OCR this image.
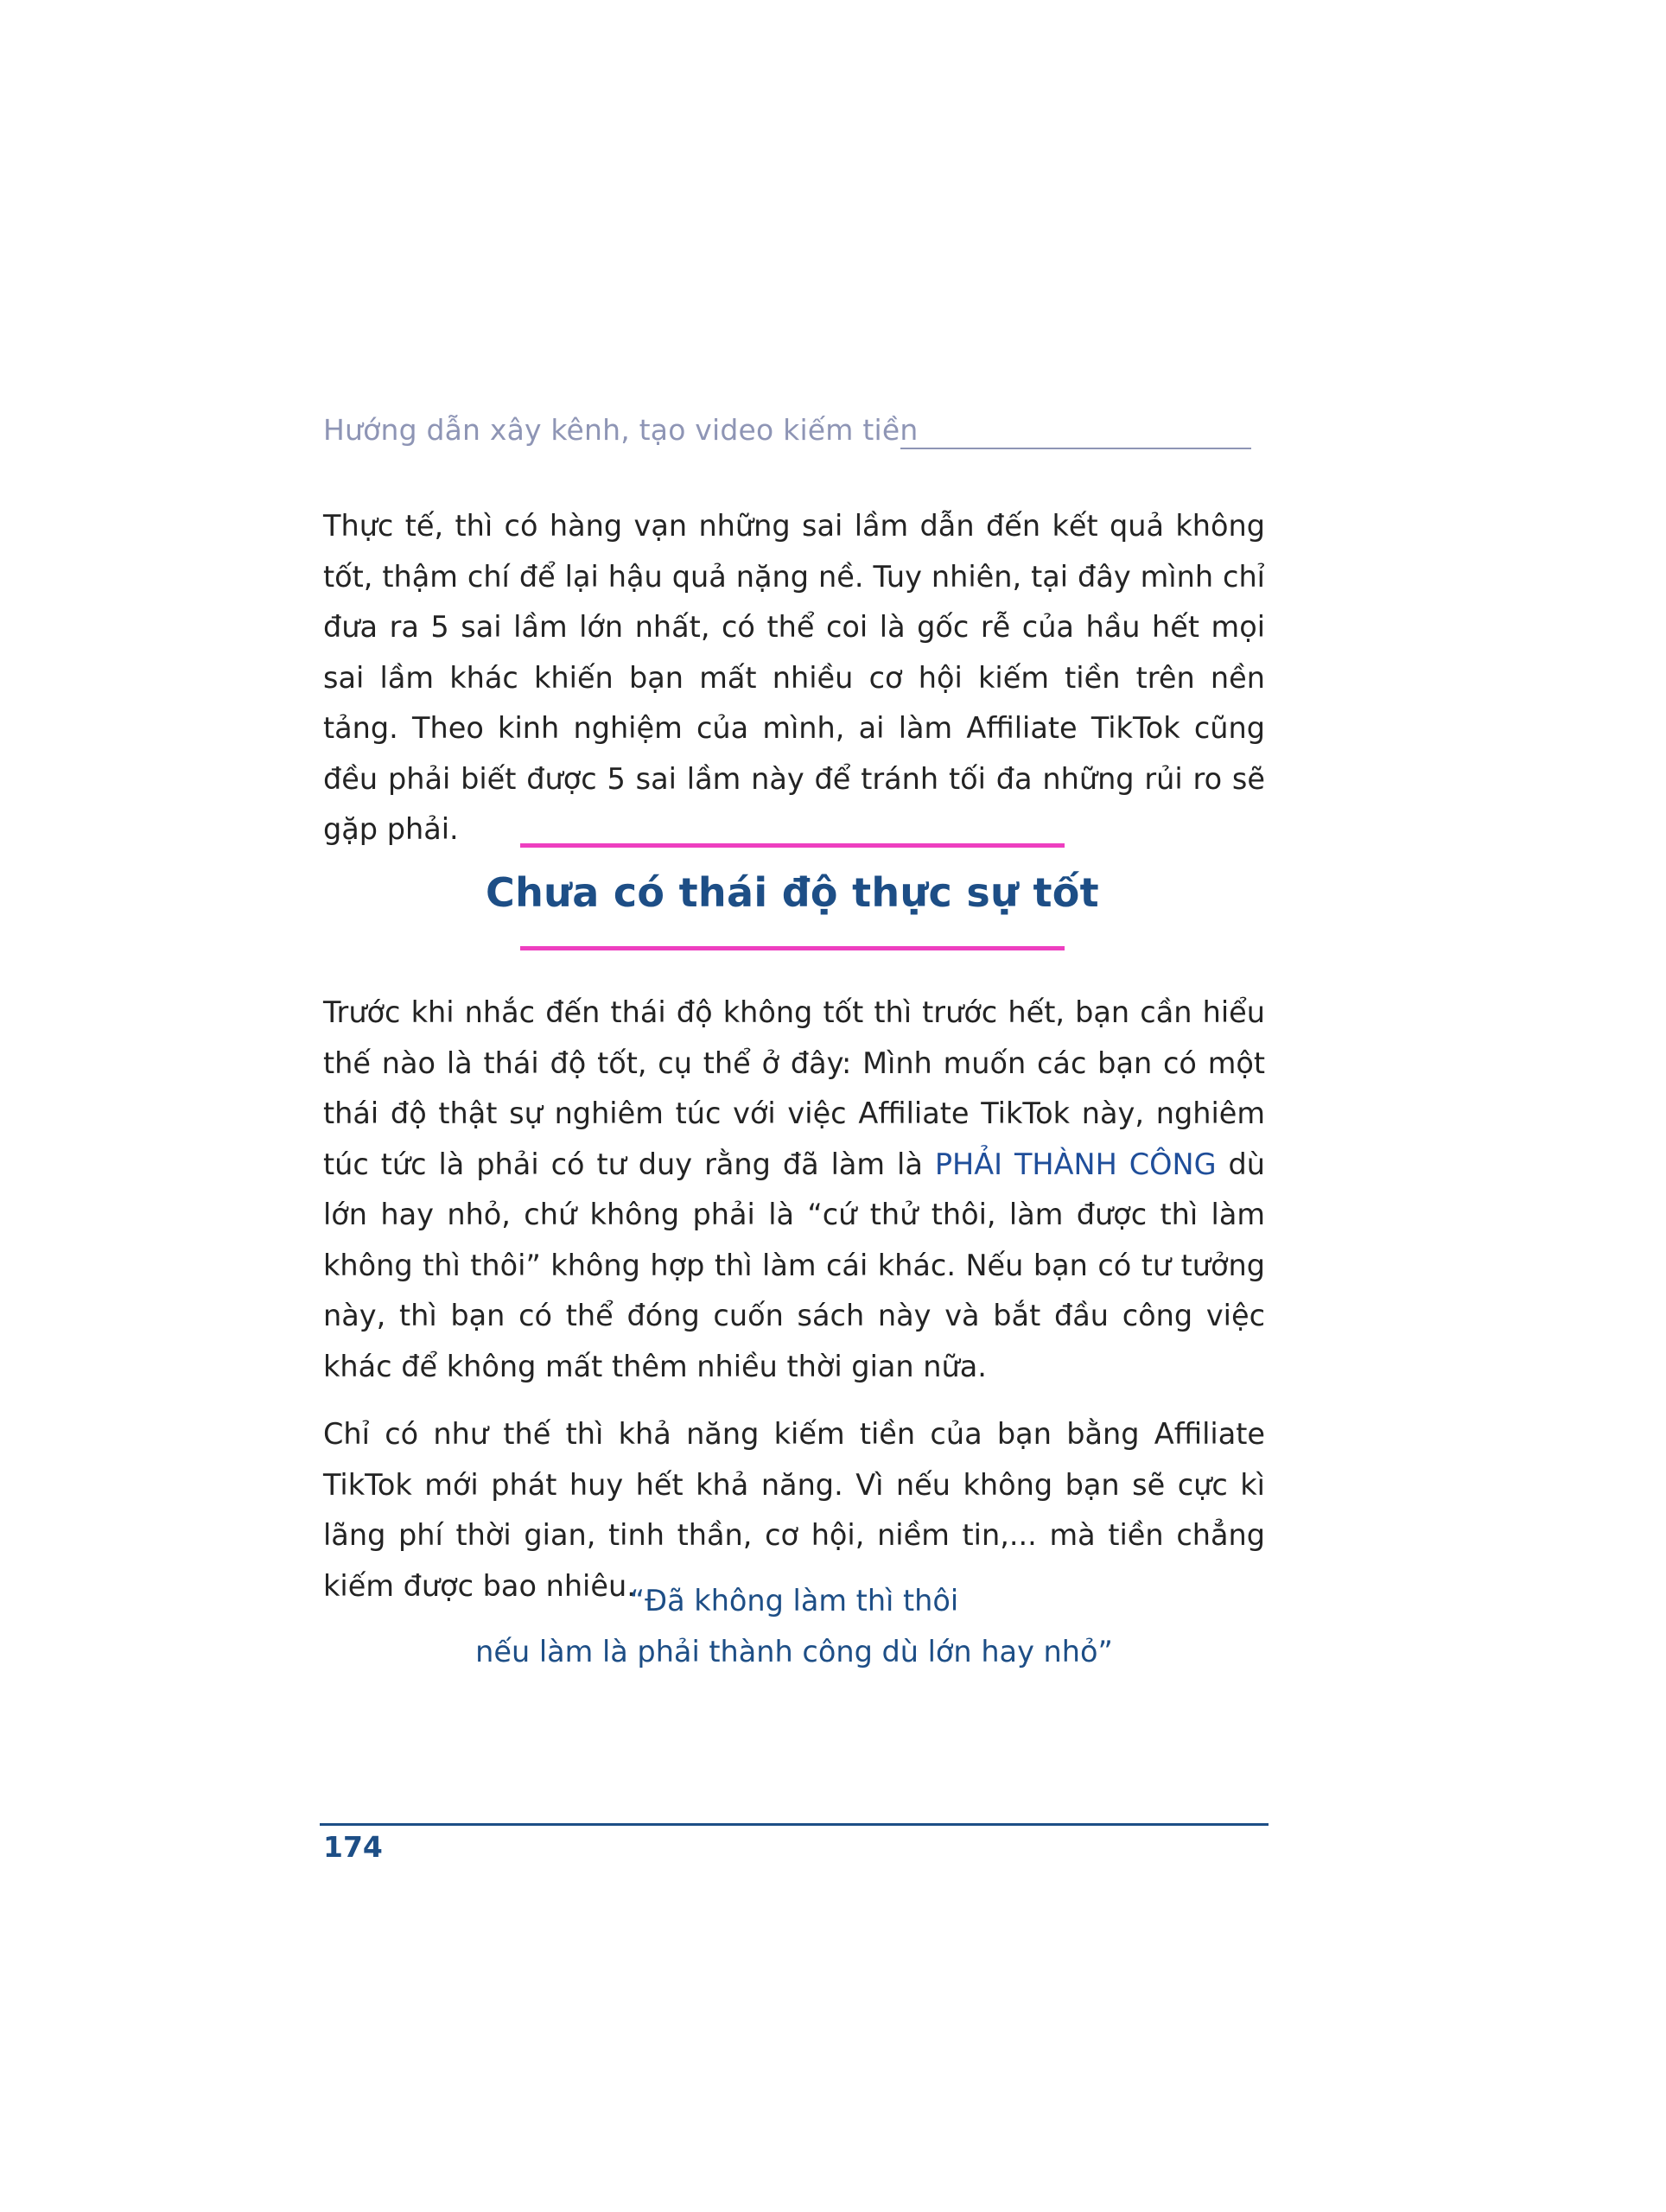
Hướng dẫn xây kênh, tạo video kiếm tiền

Thực tế, thì có hàng vạn những sai lầm dẫn đến kết quả không tốt, thậm chí để lại hậu quả nặng nề. Tuy nhiên, tại đây mình chỉ đưa ra 5 sai lầm lớn nhất, có thể coi là gốc rễ của hầu hết mọi sai lầm khác khiến bạn mất nhiều cơ hội kiếm tiền trên nền tảng. Theo kinh nghiệm của mình, ai làm Affiliate TikTok cũng đều phải biết được 5 sai lầm này để tránh tối đa những rủi ro sẽ gặp phải.

Chưa có thái độ thực sự tốt

Trước khi nhắc đến thái độ không tốt thì trước hết, bạn cần hiểu thế nào là thái độ tốt, cụ thể ở đây: Mình muốn các bạn có một thái độ thật sự nghiêm túc với việc Affiliate TikTok này, nghiêm túc tức là phải có tư duy rằng đã làm là PHẢI THÀNH CÔNG dù lớn hay nhỏ, chứ không phải là “cứ thử thôi, làm được thì làm không thì thôi” không hợp thì làm cái khác. Nếu bạn có tư tưởng này, thì bạn có thể đóng cuốn sách này và bắt đầu công việc khác để không mất thêm nhiều thời gian nữa.

Chỉ có như thế thì khả năng kiếm tiền của bạn bằng Affiliate TikTok mới phát huy hết khả năng. Vì nếu không bạn sẽ cực kì lãng phí thời gian, tinh thần, cơ hội, niềm tin,... mà tiền chẳng kiếm được bao nhiêu.

“Đã không làm thì thôi
nếu làm là phải thành công dù lớn hay nhỏ”
174
